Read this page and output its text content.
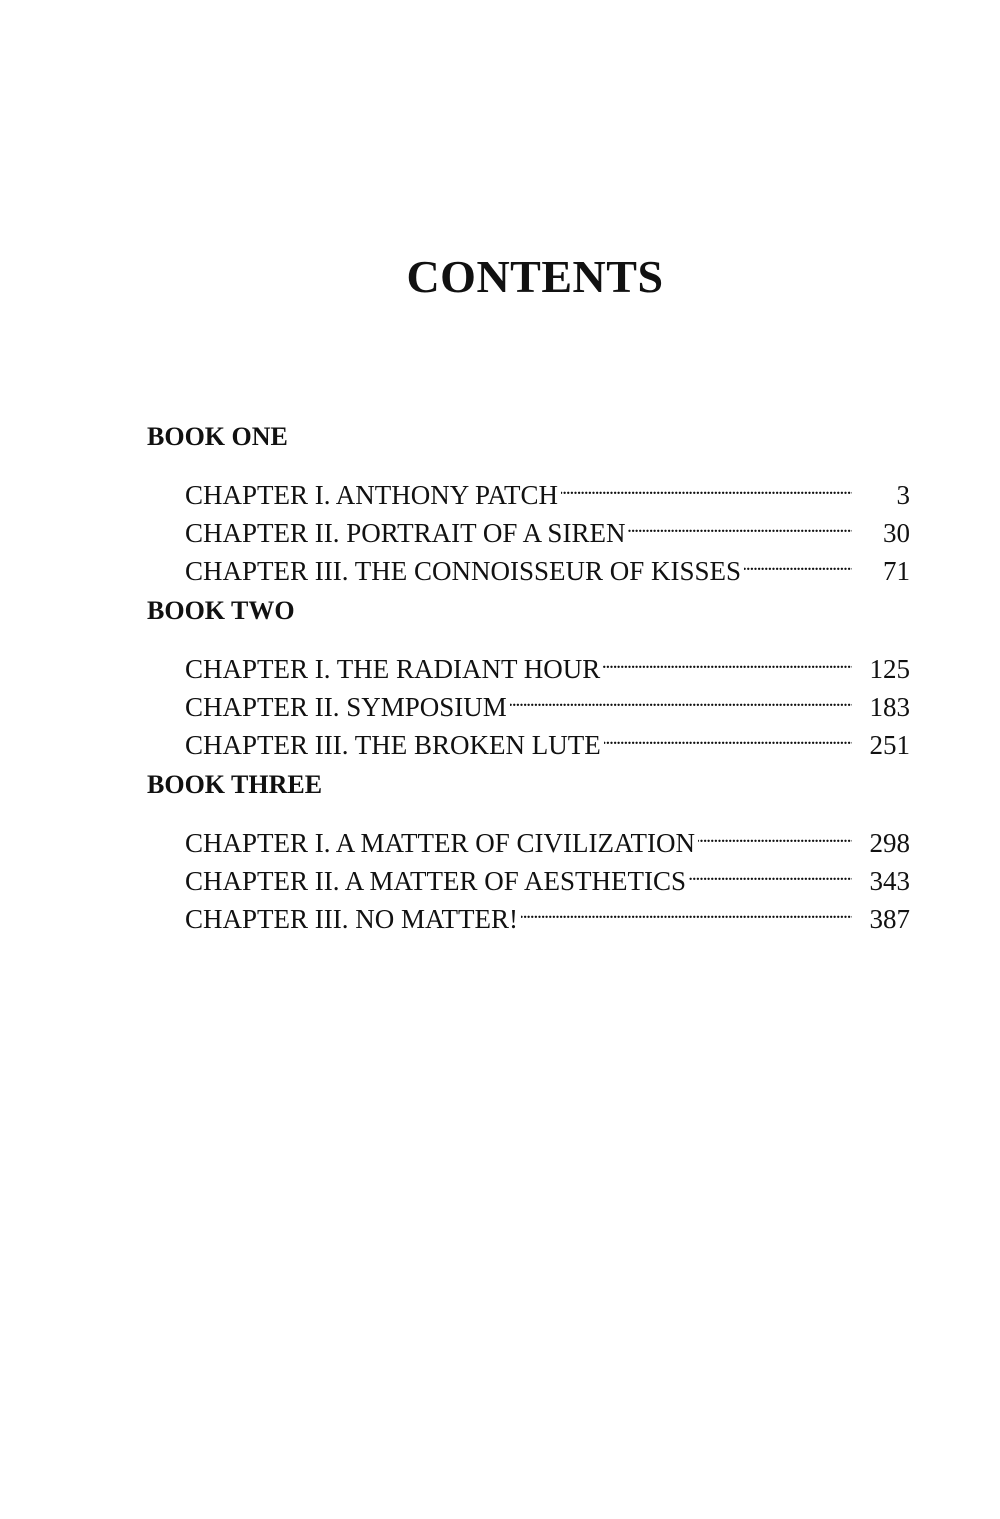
CONTENTS
BOOK ONE
CHAPTER I. ANTHONY PATCH . . .	3
CHAPTER II. PORTRAIT OF A SIREN . . .	30
CHAPTER III. THE CONNOISSEUR OF KISSES . . .	71
BOOK TWO
CHAPTER I. THE RADIANT HOUR . . .	125
CHAPTER II. SYMPOSIUM . . .	183
CHAPTER III. THE BROKEN LUTE . . .	251
BOOK THREE
CHAPTER I. A MATTER OF CIVILIZATION . . .	298
CHAPTER II. A MATTER OF AESTHETICS . . .	343
CHAPTER III. NO MATTER! . . .	387
